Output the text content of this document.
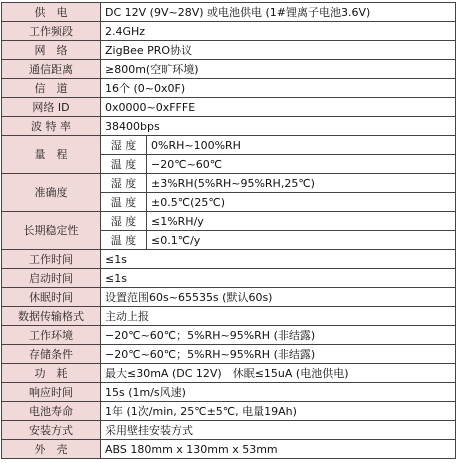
供　电	DC 12V (9V~28V) 或电池供电 (1#锂离子电池3.6V)	
工作频段	2.4GHz	
网　络	ZigBee PRO协议	
通信距离	≥800m(空旷环境)	
信　道	16个 (0~0x0F)	
网络 ID	0x0000~0xFFFE	
波 特 率	38400bps	
量　程	湿 度	0%RH~100%RH
	温 度	−20℃~60℃
准确度	湿 度	±3%RH(5%RH~95%RH,25℃)
	温 度	±0.5℃(25℃)
长期稳定性	湿 度	≤1%RH/y
	温 度	≤0.1℃/y
工作时间	≤1s	
启动时间	≤1s	
休眠时间	设置范围60s~65535s (默认60s)	
数据传输格式	主动上报	
工作环境	−20℃~60℃；5%RH~95%RH (非结露)	
存储条件	−20℃~60℃；5%RH~95%RH (非结露)	
功　耗	最大≤30mA (DC 12V)　休眠≤15uA (电池供电)	
响应时间	15s (1m/s风速)	
电池寿命	1年 (1次/min, 25℃±5℃, 电量19Ah)	
安装方式	采用壁挂安装方式	
外　壳	ABS 180mm x 130mm x 53mm	
